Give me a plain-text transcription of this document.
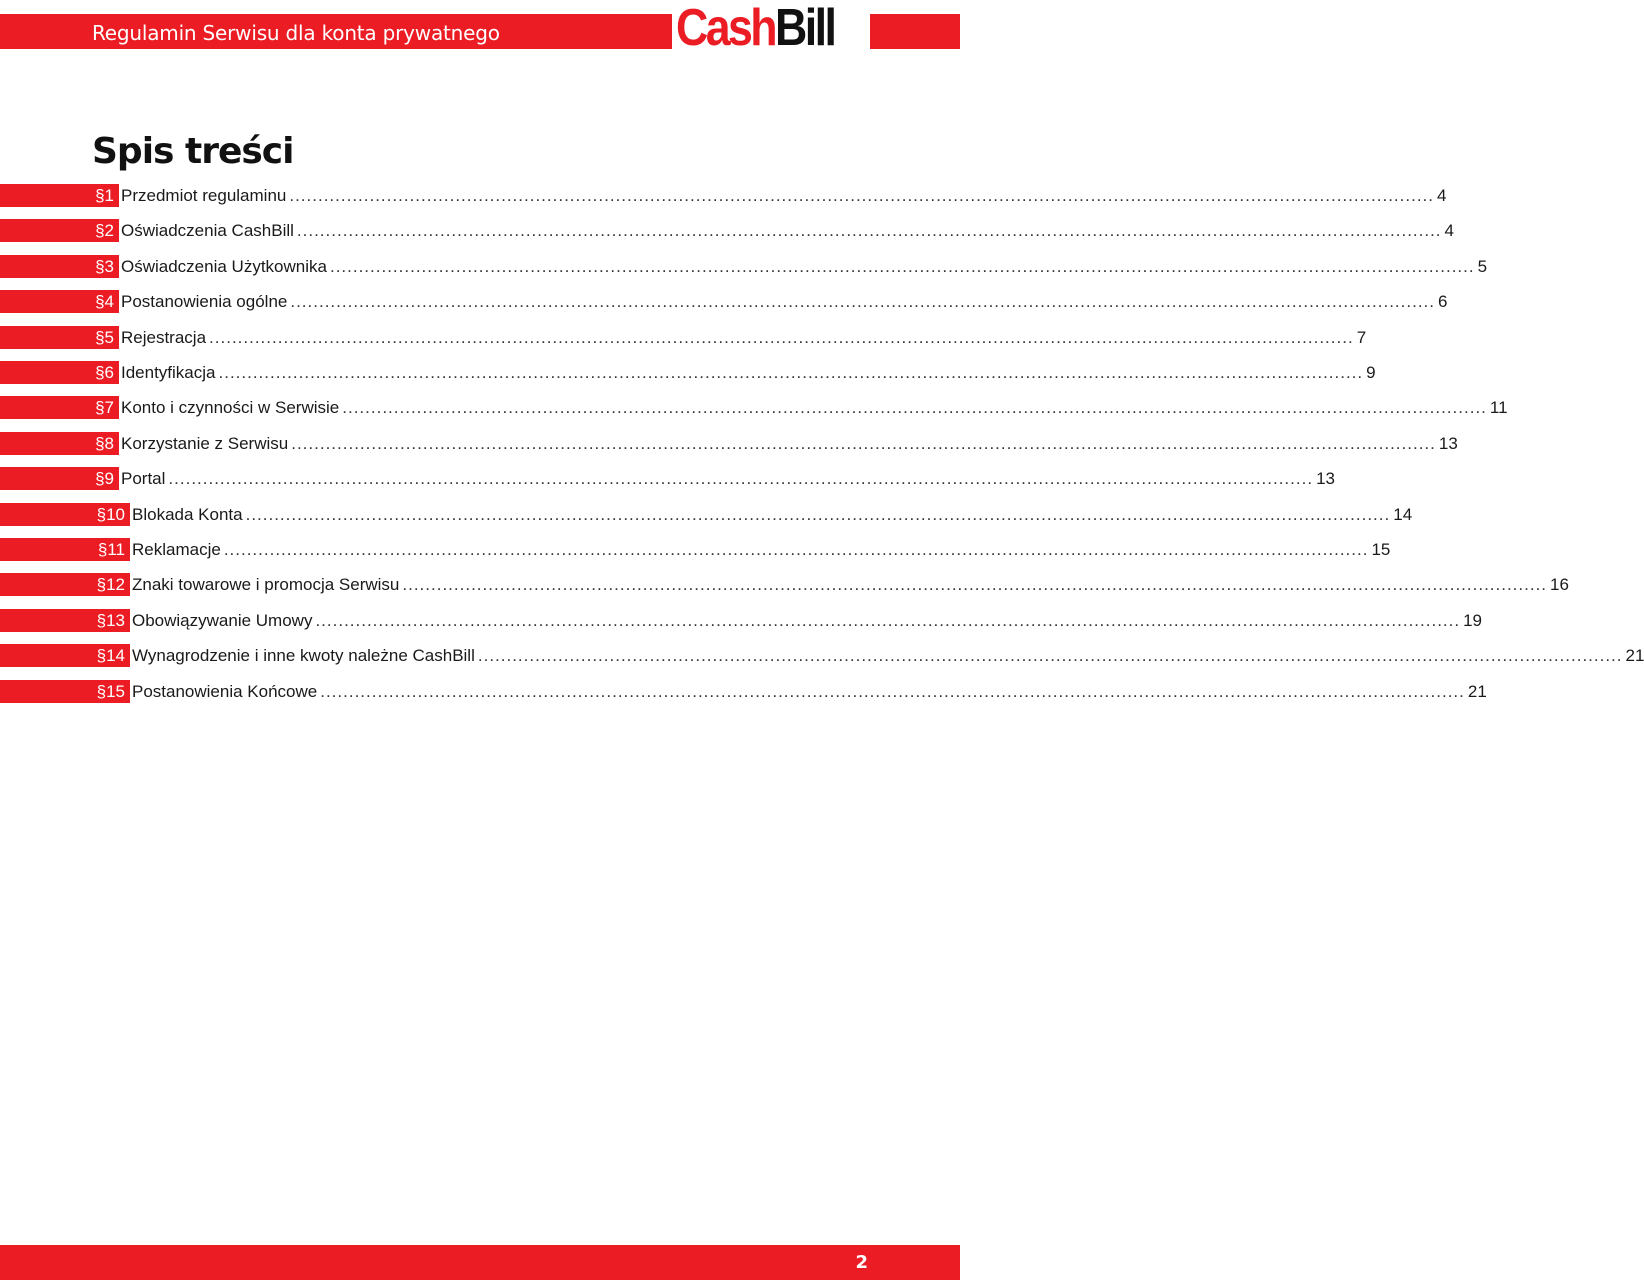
Regulamin Serwisu dla konta prywatnego	CashBill
Spis treści
§1 Przedmiot regulaminu ........................................................................................................................................................................................................ 4
§2 Oświadczenia CashBill ........................................................................................................................................................................................................ 4
§3 Oświadczenia Użytkownika ........................................................................................................................................................................................................ 5
§4 Postanowienia ogólne ........................................................................................................................................................................................................ 6
§5 Rejestracja ........................................................................................................................................................................................................ 7
§6 Identyfikacja ........................................................................................................................................................................................................ 9
§7 Konto i czynności w Serwisie ........................................................................................................................................................................................................ 11
§8 Korzystanie z Serwisu ........................................................................................................................................................................................................ 13
§9 Portal ........................................................................................................................................................................................................ 13
§10 Blokada Konta ........................................................................................................................................................................................................ 14
§11 Reklamacje ........................................................................................................................................................................................................ 15
§12 Znaki towarowe i promocja Serwisu ........................................................................................................................................................................................................ 16
§13 Obowiązywanie Umowy ........................................................................................................................................................................................................ 19
§14 Wynagrodzenie i inne kwoty należne CashBill ........................................................................................................................................................................................................ 21
§15 Postanowienia Końcowe ........................................................................................................................................................................................................ 21
2
